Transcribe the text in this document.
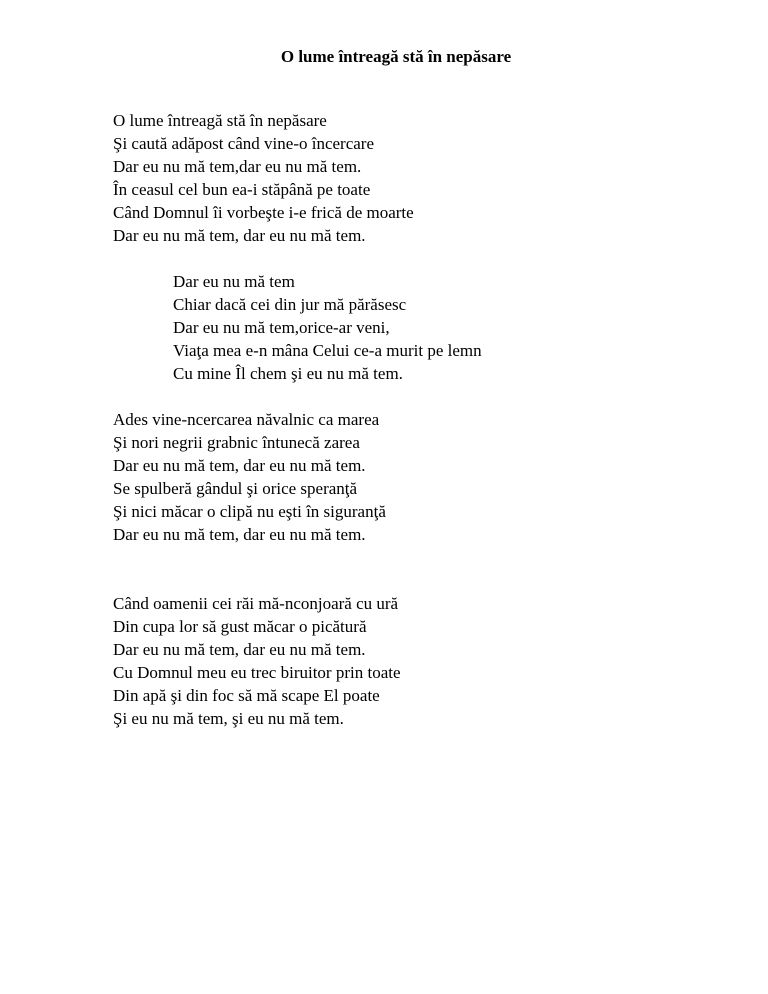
O lume întreagă stă în nepăsare
O lume întreagă stă în nepăsare
Şi caută adăpost când vine-o încercare
Dar eu nu mă tem,dar eu nu mă tem.
În ceasul cel bun ea-i stăpână pe toate
Când Domnul îi vorbeşte i-e frică de moarte
Dar eu nu mă tem, dar eu nu mă tem.
Dar eu nu mă tem
Chiar dacă cei din jur mă părăsesc
Dar eu nu mă tem,orice-ar veni,
Viaţa mea e-n mâna Celui ce-a murit pe lemn
Cu mine Îl chem şi eu nu mă tem.
Ades vine-ncercarea năvalnic ca marea
Şi nori negrii grabnic întunecă zarea
Dar eu nu mă tem, dar eu nu mă tem.
Se spulberă gândul şi orice speranţă
Şi nici măcar o clipă nu eşti în siguranţă
Dar eu nu mă tem, dar eu nu mă tem.
Când oamenii cei răi mă-nconjoară cu ură
Din cupa lor să gust măcar o picătură
Dar eu nu mă tem, dar eu nu mă tem.
Cu Domnul meu eu trec biruitor prin toate
Din apă şi din foc să mă scape El poate
Şi eu nu mă tem, şi eu nu mă tem.
